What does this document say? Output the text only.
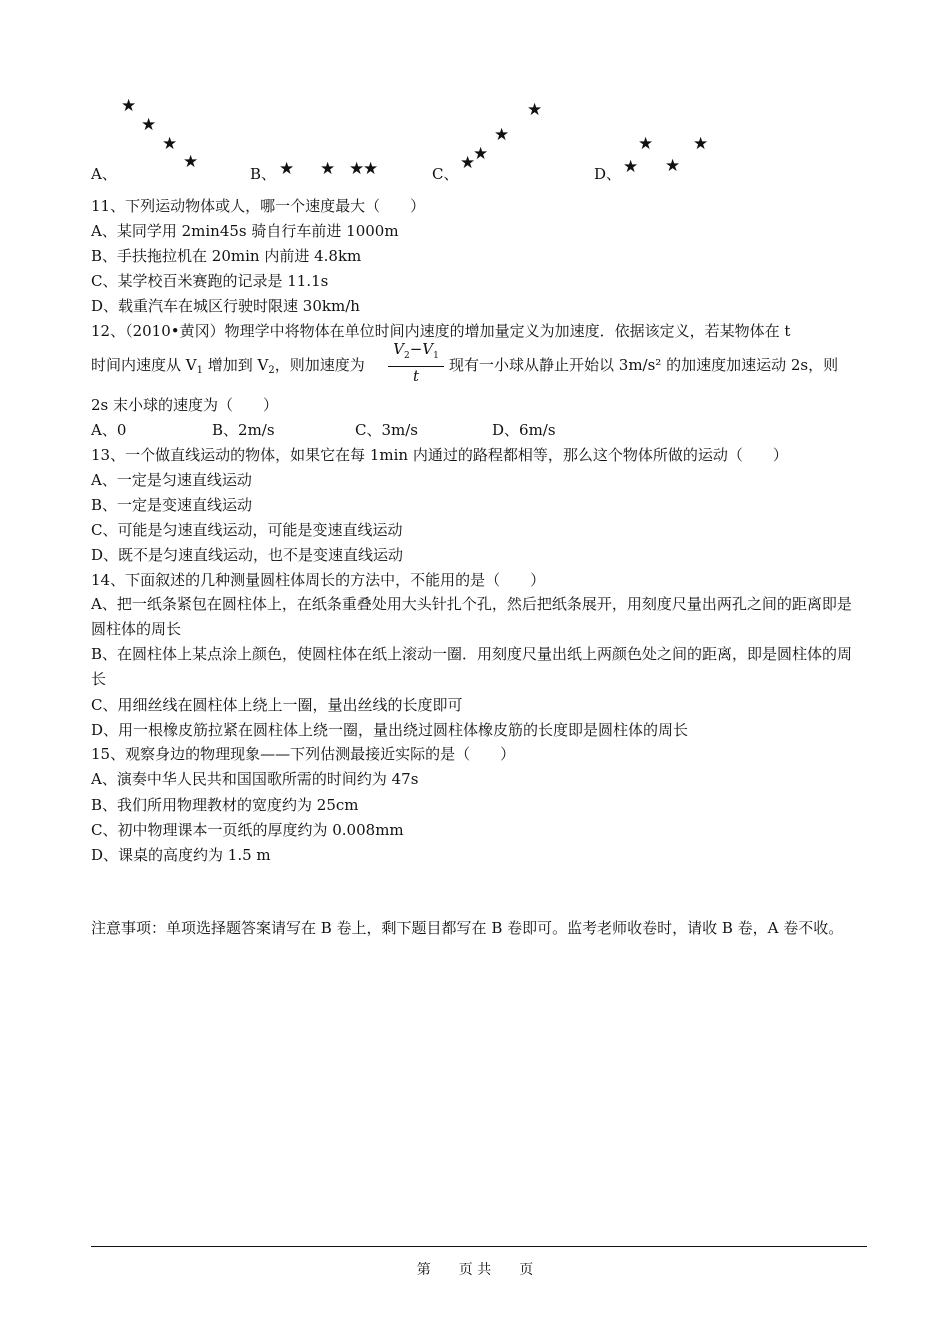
★
★
★
★
A、	★ ★ ★
★
B、
★
★
★
★
C、	★
★
★
★
D、
11、下列运动物体或人，哪一个速度最大（　　）
A、某同学用 2min45s 骑自行车前进 1000m
B、手扶拖拉机在 20min 内前进 4.8km
C、某学校百米赛跑的记录是 11.1s
D、载重汽车在城区行驶时限速 30km/h
12、（2010•黄冈）物理学中将物体在单位时间内速度的增加量定义为加速度．依据该定义，若某物体在 t
时间内速度从 $V_1$ 增加到 $V_2$，则加速度为 $\frac{V_2-V_1}{t}$ 现有一小球从静止开始以 3m/s² 的加速度加速运动 2s，则
2s 末小球的速度为（　　）
A、0	B、2m/s	C、3m/s	D、6m/s
13、一个做直线运动的物体，如果它在每 1min 内通过的路程都相等，那么这个物体所做的运动（　　）
A、一定是匀速直线运动
B、一定是变速直线运动
C、可能是匀速直线运动，可能是变速直线运动
D、既不是匀速直线运动，也不是变速直线运动
14、下面叙述的几种测量圆柱体周长的方法中，不能用的是（　　）
A、把一纸条紧包在圆柱体上，在纸条重叠处用大头针扎个孔，然后把纸条展开，用刻度尺量出两孔之间的距离即是圆柱体的周长
B、在圆柱体上某点涂上颜色，使圆柱体在纸上滚动一圈．用刻度尺量出纸上两颜色处之间的距离，即是圆柱体的周长
C、用细丝线在圆柱体上绕上一圈，量出丝线的长度即可
D、用一根橡皮筋拉紧在圆柱体上绕一圈，量出绕过圆柱体橡皮筋的长度即是圆柱体的周长
15、观察身边的物理现象——下列估测最接近实际的是（　　）
A、演奏中华人民共和国国歌所需的时间约为 47s
B、我们所用物理教材的宽度约为 25cm
C、初中物理课本一页纸的厚度约为 0.008mm
D、课桌的高度约为 1.5 m
注意事项：单项选择题答案请写在 B 卷上，剩下题目都写在 B 卷即可。监考老师收卷时，请收 B 卷，A 卷不收。
第　　页 共　　页
